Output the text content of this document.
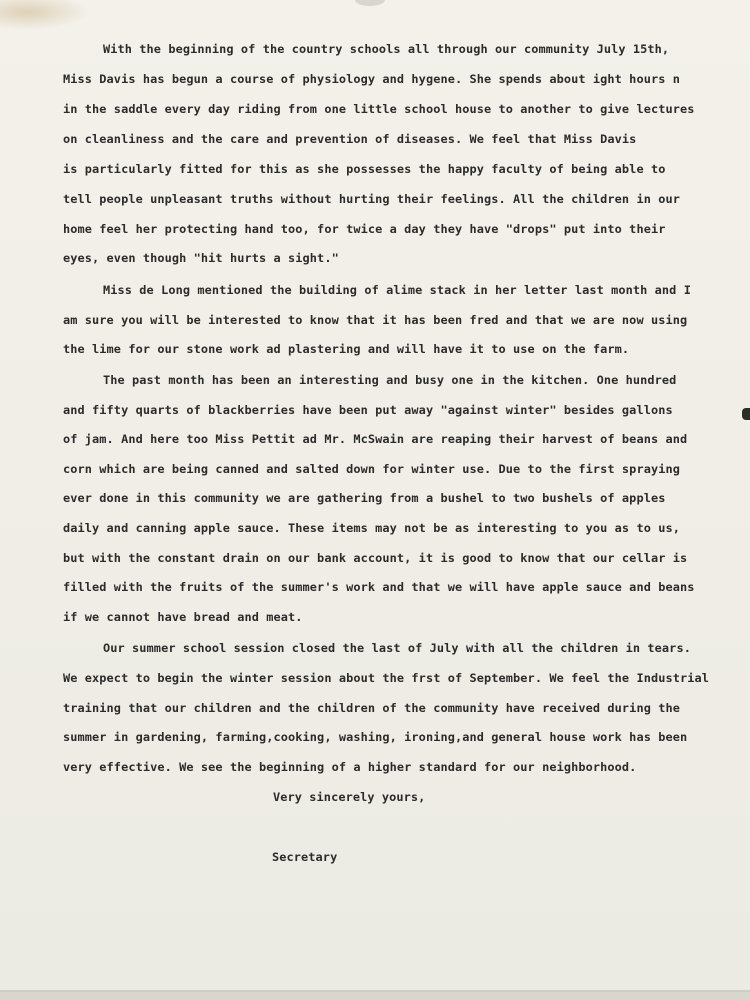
With the beginning of the country schools all through our community July 15th,
Miss Davis has begun a course of physiology and hygene. She spends about ight hours n
in the saddle every day riding from one little school house to another to give lectures
on cleanliness and the care and prevention of diseases. We feel that Miss Davis
is particularly fitted for this as she possesses the happy faculty of being able to
tell people unpleasant truths without hurting their feelings. All the children in our
home feel her protecting hand too, for twice a day they have "drops" put into their
eyes, even though "hit hurts a sight."
Miss de Long mentioned the building of alime stack in her letter last month and I
am sure you will be interested to know that it has been fred and that we are now using
the lime for our stone work ad plastering and will have it to use on the farm.
The past month has been an interesting and busy one in the kitchen. One hundred
and fifty quarts of blackberries have been put away "against winter" besides gallons
of jam. And here too Miss Pettit ad Mr. McSwain are reaping their harvest of beans and
corn which are being canned and salted down for winter use. Due to the first spraying
ever done in this community we are gathering from a bushel to two bushels of apples
daily and canning apple sauce. These items may not be as interesting to you as to us,
but with the constant drain on our bank account, it is good to know that our cellar is
filled with the fruits of the summer's work and that we will have apple sauce and beans
if we cannot have bread and meat.
Our summer school session closed the last of July with all the children in tears.
We expect to begin the winter session about the frst of September. We feel the Industrial
training that our children and the children of the community have received during the
summer in gardening, farming,cooking, washing, ironing,and general house work has been
very effective. We see the beginning of a higher standard for our neighborhood.
Very sincerely yours,
Secretary
